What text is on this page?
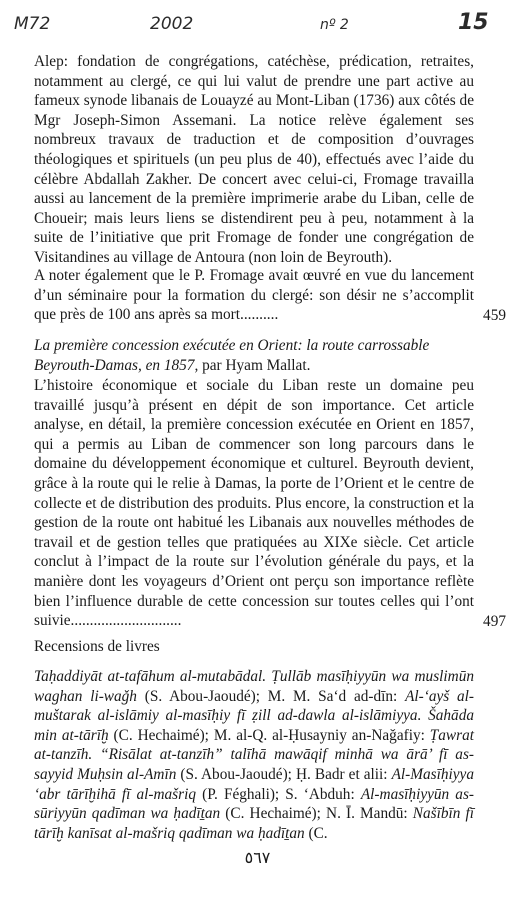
M72	2002	nº 2	15

Alep: fondation de congrégations, catéchèse, prédication, retraites, notamment au clergé, ce qui lui valut de prendre une part active au fameux synode libanais de Louayzé au Mont-Liban (1736) aux côtés de Mgr Joseph-Simon Assemani. La notice relève également ses nombreux travaux de traduction et de composition d’ouvrages théologiques et spirituels (un peu plus de 40), effectués avec l’aide du célèbre Abdallah Zakher. De concert avec celui-ci, Fromage travailla aussi au lancement de la première imprimerie arabe du Liban, celle de Choueir; mais leurs liens se distendirent peu à peu, notamment à la suite de l’initiative que prit Fromage de fonder une congrégation de Visitandines au village de Antoura (non loin de Beyrouth).

A noter également que le P. Fromage avait œuvré en vue du lancement d’un séminaire pour la formation du clergé: son désir ne s’accomplit que près de 100 ans après sa mort..........	459

La première concession exécutée en Orient: la route carrossable Beyrouth-Damas, en 1857, par Hyam Mallat.

L’histoire économique et sociale du Liban reste un domaine peu travaillé jusqu’à présent en dépit de son importance. Cet article analyse, en détail, la première concession exécutée en Orient en 1857, qui a permis au Liban de commencer son long parcours dans le domaine du développement économique et culturel. Beyrouth devient, grâce à la route qui le relie à Damas, la porte de l’Orient et le centre de collecte et de distribution des produits. Plus encore, la construction et la gestion de la route ont habitué les Libanais aux nouvelles méthodes de travail et de gestion telles que pratiquées au XIXe siècle. Cet article conclut à l’impact de la route sur l’évolution générale du pays, et la manière dont les voyageurs d’Orient ont perçu son importance reflète bien l’influence durable de cette concession sur toutes celles qui l’ont suivie.............................	497
Recensions de livres
Taḥaddiyāt at-tafāhum al-mutabādal. Ṭullāb masīḥiyyūn wa muslimūn waghan li-waǧh (S. Abou-Jaoudé); M. M. Sa‘d ad-dīn: Al-‘ayš al-muštarak al-islāmiy al-masīḥiy fī ẓill ad-dawla al-islāmiyya. Šahāda min at-tārīḫ (C. Hechaimé); M. al-Q. al-Ḥusayniy an-Naǧafiy: Ṭawrat at-tanzīh. “Risālat at-tanzīh” talīhā mawāqif minhā wa ārā’ fī as-sayyid Muḥsin al-Amīn (S. Abou-Jaoudé); Ḥ. Badr et alii: Al-Masīḥiyya ‘abr tārīḫihā fī al-mašriq (P. Féghali); S. ‘Abduh: Al-masīḥiyyūn as-sūriyyūn qadīman wa ḥadīṯan (C. Hechaimé); N. Ī. Mandū: Našībīn fī tārīḫ kanīsat al-mašriq qadīman wa ḥadīṯan (C.
٥٦٧
